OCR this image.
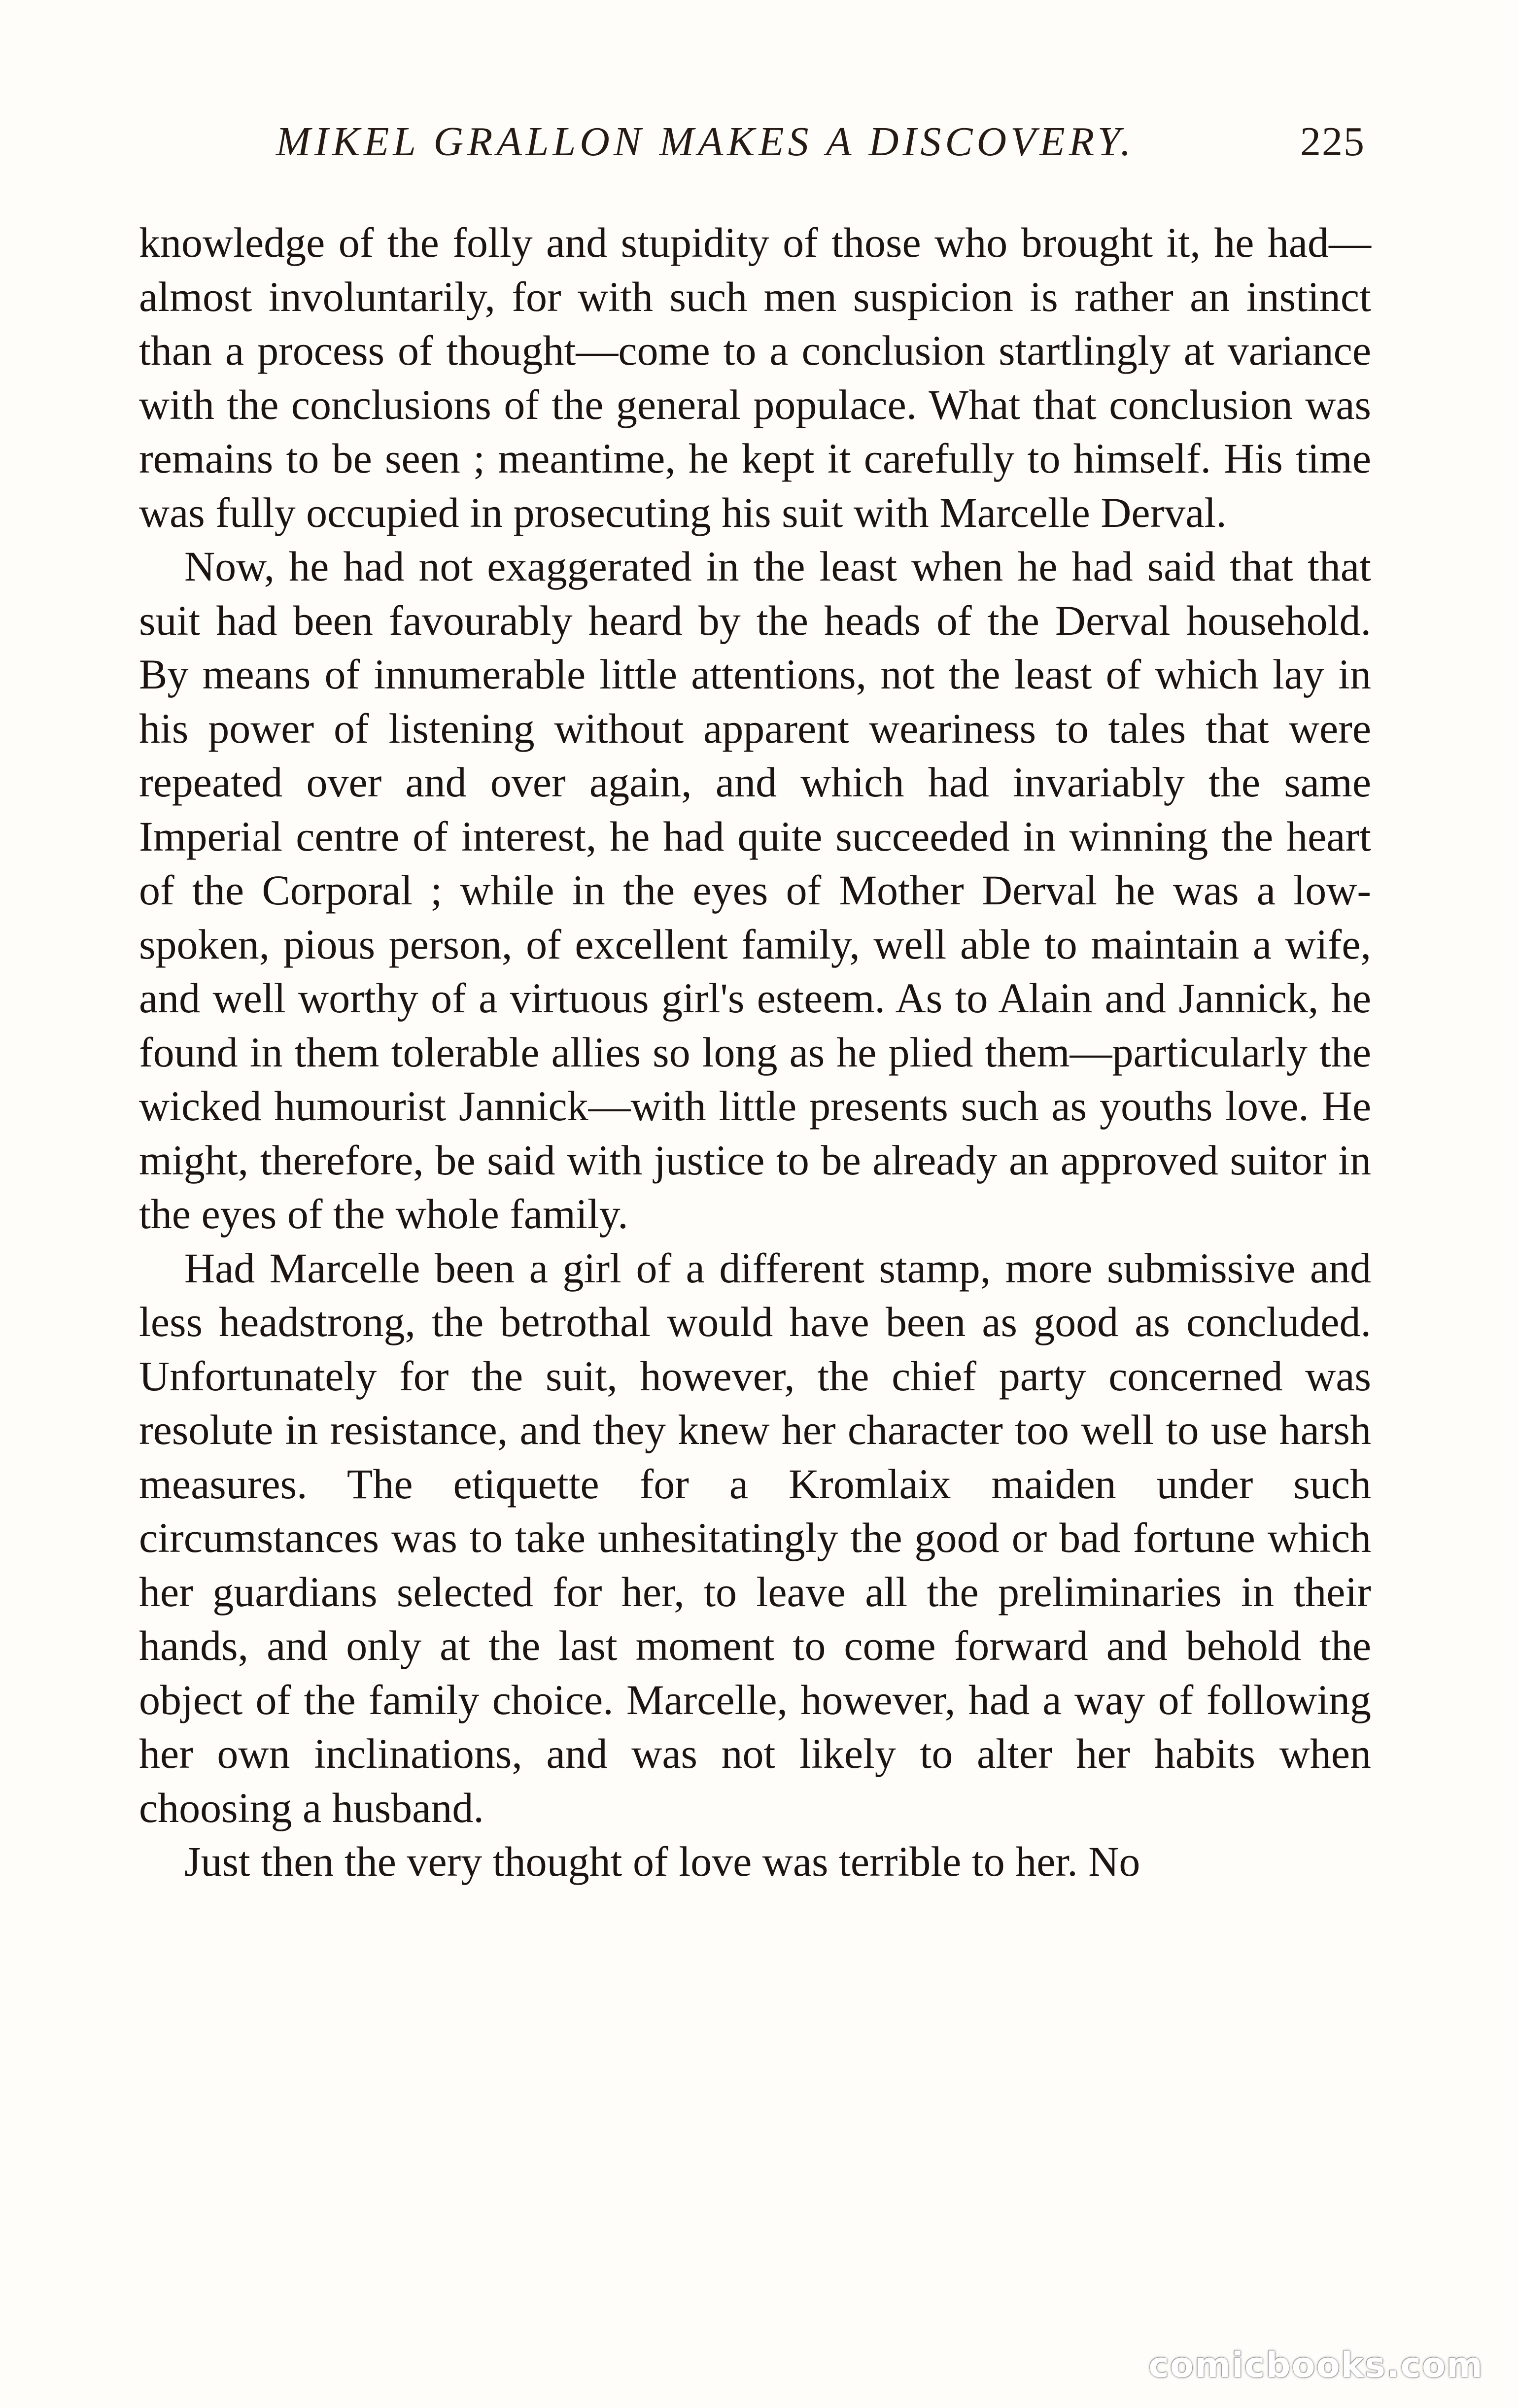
MIKEL GRALLON MAKES A DISCOVERY.	225

knowledge of the folly and stupidity of those who brought it, he had—almost involuntarily, for with such men suspicion is rather an instinct than a process of thought—come to a conclusion startlingly at variance with the conclusions of the general populace. What that conclusion was remains to be seen ; meantime, he kept it carefully to himself. His time was fully occupied in prosecuting his suit with Marcelle Derval.

Now, he had not exaggerated in the least when he had said that that suit had been favourably heard by the heads of the Derval household. By means of innumerable little attentions, not the least of which lay in his power of listening without apparent weariness to tales that were repeated over and over again, and which had invariably the same Imperial centre of interest, he had quite succeeded in winning the heart of the Corporal ; while in the eyes of Mother Derval he was a low-spoken, pious person, of excellent family, well able to maintain a wife, and well worthy of a virtuous girl's esteem. As to Alain and Jannick, he found in them tolerable allies so long as he plied them—particularly the wicked humourist Jannick—with little presents such as youths love. He might, therefore, be said with justice to be already an approved suitor in the eyes of the whole family.

Had Marcelle been a girl of a different stamp, more submissive and less headstrong, the betrothal would have been as good as concluded. Unfortunately for the suit, however, the chief party concerned was resolute in resistance, and they knew her character too well to use harsh measures. The etiquette for a Kromlaix maiden under such circumstances was to take unhesitatingly the good or bad fortune which her guardians selected for her, to leave all the preliminaries in their hands, and only at the last moment to come forward and behold the object of the family choice. Marcelle, however, had a way of following her own inclinations, and was not likely to alter her habits when choosing a husband.

Just then the very thought of love was terrible to her. No

comicbooks.com
